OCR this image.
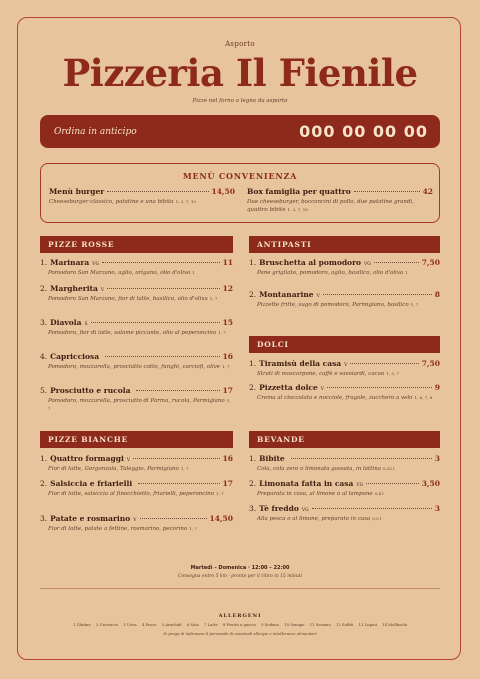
Asporto
Pizzeria Il Fienile
Pizze nel forno a legna da asporto
Ordina in anticipo	000 00 00 00
MENÙ CONVENIENZA
Menù burger	14,50
Cheeseburger classico, patatine e una bibita 1, 3, 7, 10
Box famiglia per quattro	42
Due cheeseburger, bocconcini di pollo, due patatine grandi, quattro bibite 1, 3, 7, 10
PIZZE ROSSE
1. Marinara VG	11
Pomodoro San Marzano, aglio, origano, olio d'oliva 1
2. Margherita V	12
Pomodoro San Marzano, fior di latte, basilico, olio d'oliva 1, 7
3. Diavola S	15
Pomodoro, fior di latte, salame piccante, olio al peperoncino 1, 7
4. Capricciosa	16
Pomodoro, mozzarella, prosciutto cotto, funghi, carciofi, olive 1, 7
5. Prosciutto e rucola	17
Pomodoro, mozzarella, prosciutto di Parma, rucola, Parmigiano 1, 7
PIZZE BIANCHE
1. Quattro formaggi V	16
Fior di latte, Gorgonzola, Taleggio, Parmigiano 1, 7
2. Salsiccia e friarielli	17
Fior di latte, salsiccia al finocchietto, friarielli, peperoncino 1, 7
3. Patate e rosmarino V	14,50
Fior di latte, patate a fettine, rosmarino, pecorino 1, 7
ANTIPASTI
1. Bruschetta al pomodoro VG	7,50
Pane grigliato, pomodoro, aglio, basilico, olio d'oliva 1
2. Montanarine V	8
Pizzette fritte, sugo di pomodoro, Parmigiano, basilico 1, 7
DOLCI
1. Tiramisù della casa V	7,50
Strati di mascarpone, caffè e savoiardi, cacao 1, 3, 7
2. Pizzetta dolce V	9
Crema al cioccolato e nocciole, fragole, zucchero a velo 1, 6, 7, 8
BEVANDE
1. Bibite	3
Cola, cola zero o limonata gassata, in lattina 0,33 l
2. Limonata fatta in casa VG	3,50
Preparata in casa, al limone o al lampone 0,4 l
3. Tè freddo VG	3
Alla pesca o al limone, preparato in casa 0,5 l
Martedì – Domenica · 12:00 – 22:00
Consegna entro 5 km · pronto per il ritiro in 15 minuti
ALLERGENI
1 Glutine 2 Crostacei 3 Uova 4 Pesce 5 Arachidi 6 Soia 7 Latte 8 Frutta a guscio 9 Sedano 10 Senape 11 Sesamo 12 Solfiti 13 Lupini 14 Molluschi
Si prega di informare il personale di eventuali allergie o intolleranze alimentari
